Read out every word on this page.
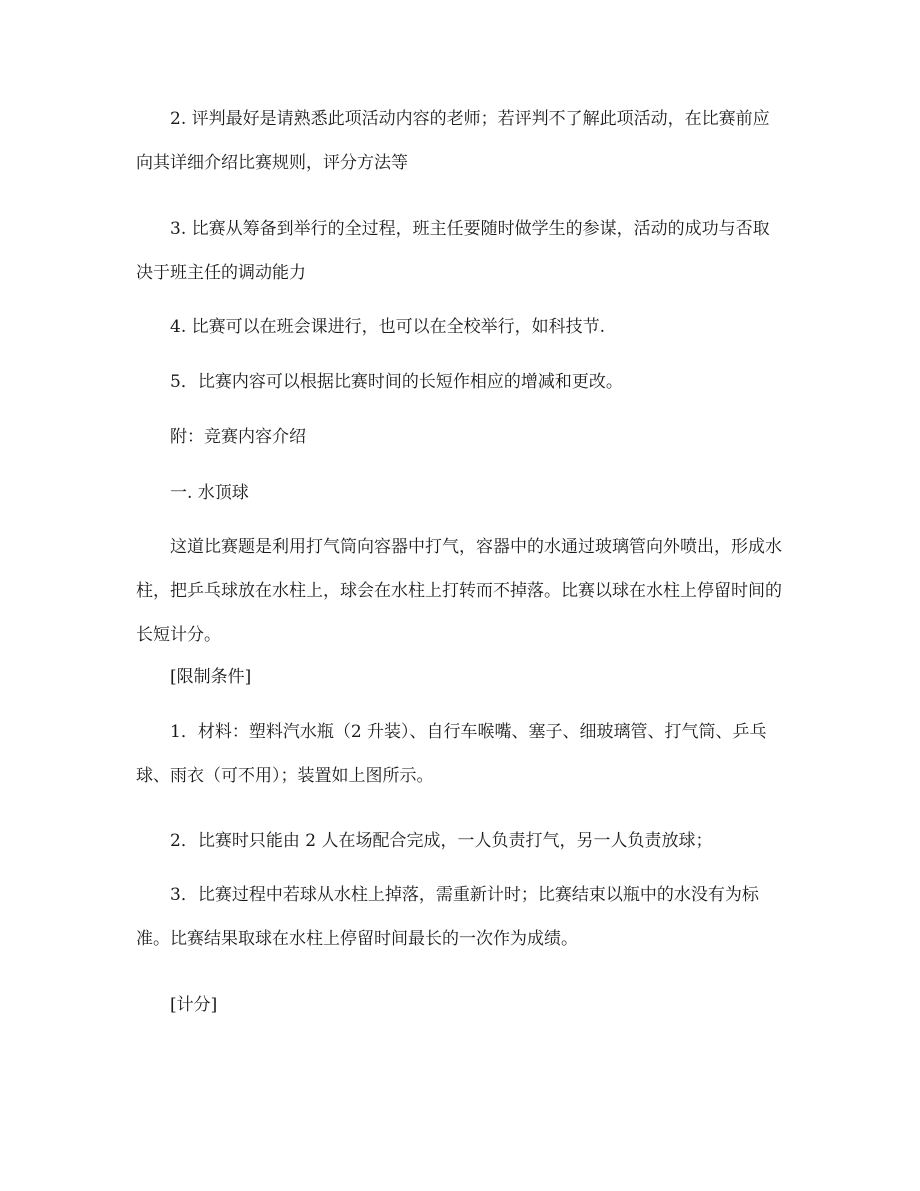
2. 评判最好是请熟悉此项活动内容的老师；若评判不了解此项活动，在比赛前应向其详细介绍比赛规则，评分方法等

3. 比赛从筹备到举行的全过程，班主任要随时做学生的参谋，活动的成功与否取决于班主任的调动能力

4. 比赛可以在班会课进行，也可以在全校举行，如科技节.

5．比赛内容可以根据比赛时间的长短作相应的增减和更改。

附：竞赛内容介绍

一. 水顶球

这道比赛题是利用打气筒向容器中打气，容器中的水通过玻璃管向外喷出，形成水柱，把乒乓球放在水柱上，球会在水柱上打转而不掉落。比赛以球在水柱上停留时间的长短计分。

[限制条件]

1．材料：塑料汽水瓶（2 升装）、自行车喉嘴、塞子、细玻璃管、打气筒、乒乓球、雨衣（可不用）；装置如上图所示。

2．比赛时只能由 2 人在场配合完成，一人负责打气，另一人负责放球；

3．比赛过程中若球从水柱上掉落，需重新计时；比赛结束以瓶中的水没有为标准。比赛结果取球在水柱上停留时间最长的一次作为成绩。

[计分]
